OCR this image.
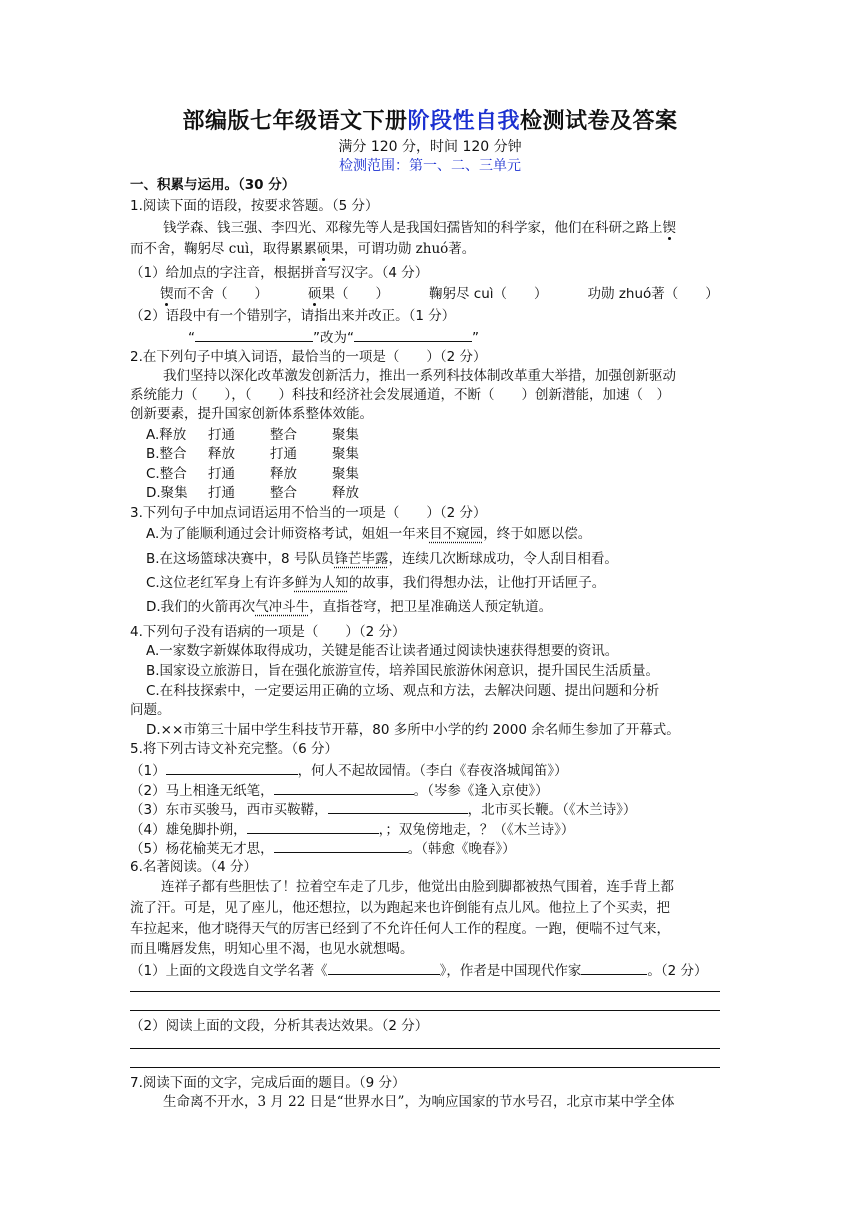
部编版七年级语文下册阶段性自我检测试卷及答案
满分 120 分，时间 120 分钟
检测范围：第一、二、三单元
一、积累与运用。（30 分）
1.阅读下面的语段，按要求答题。（5 分）
钱学森、钱三强、李四光、邓稼先等人是我国妇孺皆知的科学家，他们在科研之路上锲
而不舍，鞠躬尽 cuì，取得累累硕果，可谓功勋 zhuó著。
（1）给加点的字注音，根据拼音写汉字。（4 分）
锲而不舍（　　）	硕果（　　）	鞠躬尽 cuì（　　）	功勋 zhuó著（　　）
（2）语段中有一个错别字，请指出来并改正。（1 分）
“	”改为“	”
2.在下列句子中填入词语，最恰当的一项是（　　）（2 分）
我们坚持以深化改革激发创新活力，推出一系列科技体制改革重大举措，加强创新驱动
系统能力（　　），（　　）科技和经济社会发展通道，不断（　　）创新潜能，加速（　）
创新要素，提升国家创新体系整体效能。
A.释放 打通	整合	聚集
B.整合 释放	打通	聚集
C.整合 打通	释放	聚集
D.聚集 打通	整合	释放
3.下列句子中加点词语运用不恰当的一项是（　　）（2 分）
A.为了能顺利通过会计师资格考试，姐姐一年来目不窥园，终于如愿以偿。
B.在这场篮球决赛中，8 号队员锋芒毕露，连续几次断球成功，令人刮目相看。
C.这位老红军身上有许多鲜为人知的故事，我们得想办法，让他打开话匣子。
D.我们的火箭再次气冲斗牛，直指苍穹，把卫星准确送人预定轨道。
4.下列句子没有语病的一项是（　　）（2 分）
A.一家数字新媒体取得成功，关键是能否让读者通过阅读快速获得想要的资讯。
B.国家设立旅游日，旨在强化旅游宣传，培养国民旅游休闲意识，提升国民生活质量。
C.在科技探索中，一定要运用正确的立场、观点和方法，去解决问题、提出问题和分析
问题。
D.××市第三十届中学生科技节开幕，80 多所中小学的约 2000 余名师生参加了开幕式。
5.将下列古诗文补充完整。（6 分）
（1）	，何人不起故园情。（李白《春夜洛城闻笛》）
（2）马上相逢无纸笔，	。（岑参《逢入京使》）
（3）东市买骏马，西市买鞍鞯，	，北市买长鞭。（《木兰诗》）
（4）雄兔脚扑朔，	，；双兔傍地走，？（《木兰诗》）
（5）杨花榆荚无才思，	。（韩愈《晚春》）
6.名著阅读。（4 分）
连祥子都有些胆怯了！拉着空车走了几步，他觉出由脸到脚都被热气围着，连手背上都
流了汗。可是，见了座儿，他还想拉，以为跑起来也许倒能有点儿风。他拉上了个买卖，把
车拉起来，他才晓得天气的厉害已经到了不允许任何人工作的程度。一跑，便喘不过气来，
而且嘴唇发焦，明知心里不渴，也见水就想喝。
（1）上面的文段选自文学名著《	》，作者是中国现代作家	。（2 分）
（2）阅读上面的文段，分析其表达效果。（2 分）
7.阅读下面的文字，完成后面的题目。（9 分）
生命离不开水，3 月 22 日是“世界水日”，为响应国家的节水号召，北京市某中学全体
